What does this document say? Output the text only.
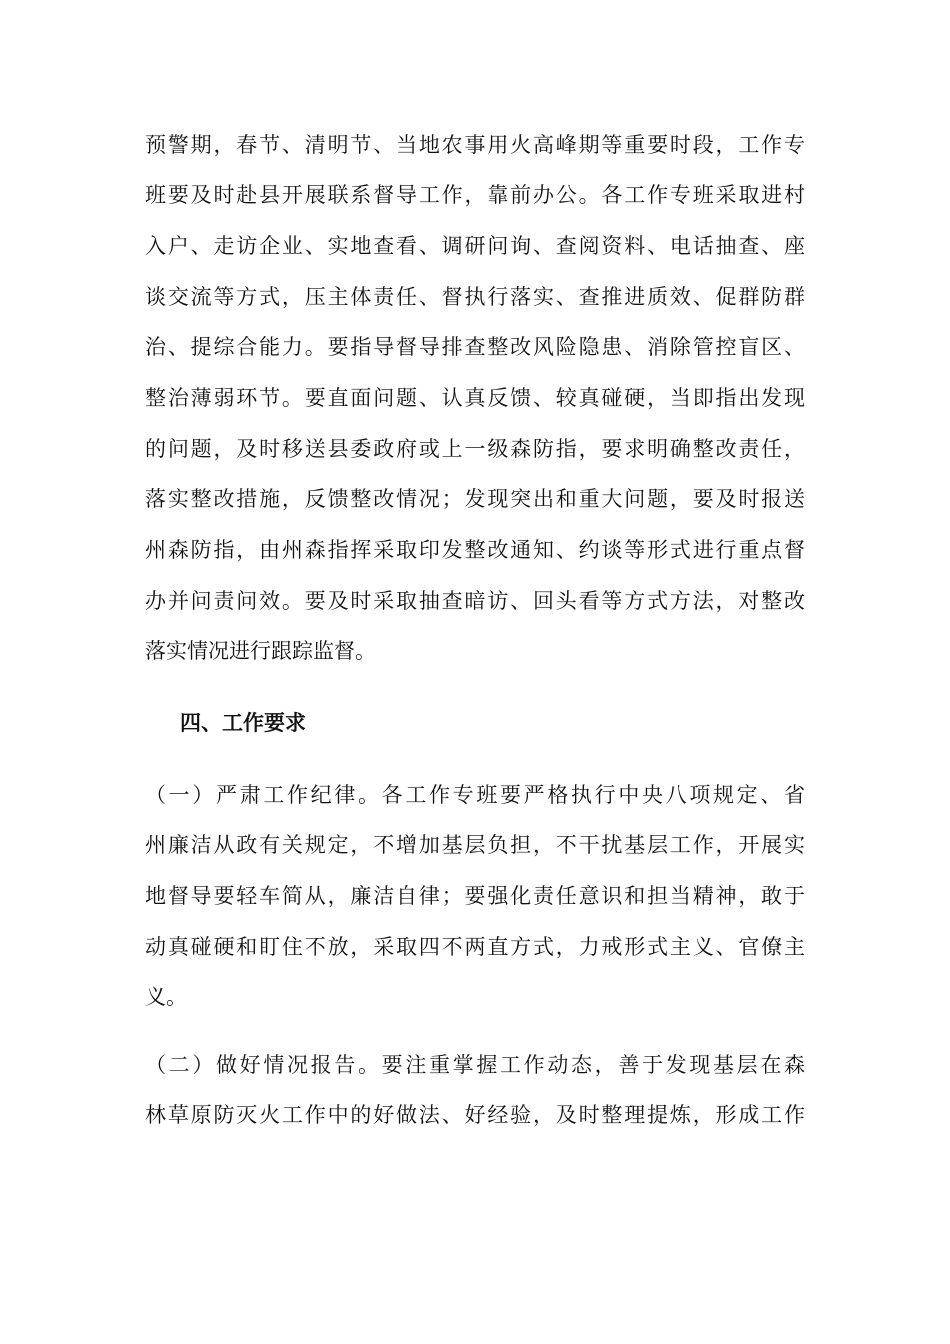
预警期，春节、清明节、当地农事用火高峰期等重要时段，工作专
班要及时赴县开展联系督导工作，靠前办公。各工作专班采取进村
入户、走访企业、实地查看、调研问询、查阅资料、电话抽查、座
谈交流等方式，压主体责任、督执行落实、查推进质效、促群防群
治、提综合能力。要指导督导排查整改风险隐患、消除管控盲区、
整治薄弱环节。要直面问题、认真反馈、较真碰硬，当即指出发现
的问题，及时移送县委政府或上一级森防指，要求明确整改责任，
落实整改措施，反馈整改情况；发现突出和重大问题，要及时报送
州森防指，由州森指挥采取印发整改通知、约谈等形式进行重点督
办并问责问效。要及时采取抽查暗访、回头看等方式方法，对整改
落实情况进行跟踪监督。
四、工作要求
（一）严肃工作纪律。各工作专班要严格执行中央八项规定、省
州廉洁从政有关规定，不增加基层负担，不干扰基层工作，开展实
地督导要轻车简从，廉洁自律；要强化责任意识和担当精神，敢于
动真碰硬和盯住不放，采取四不两直方式，力戒形式主义、官僚主
义。
（二）做好情况报告。要注重掌握工作动态，善于发现基层在森
林草原防灭火工作中的好做法、好经验，及时整理提炼，形成工作
